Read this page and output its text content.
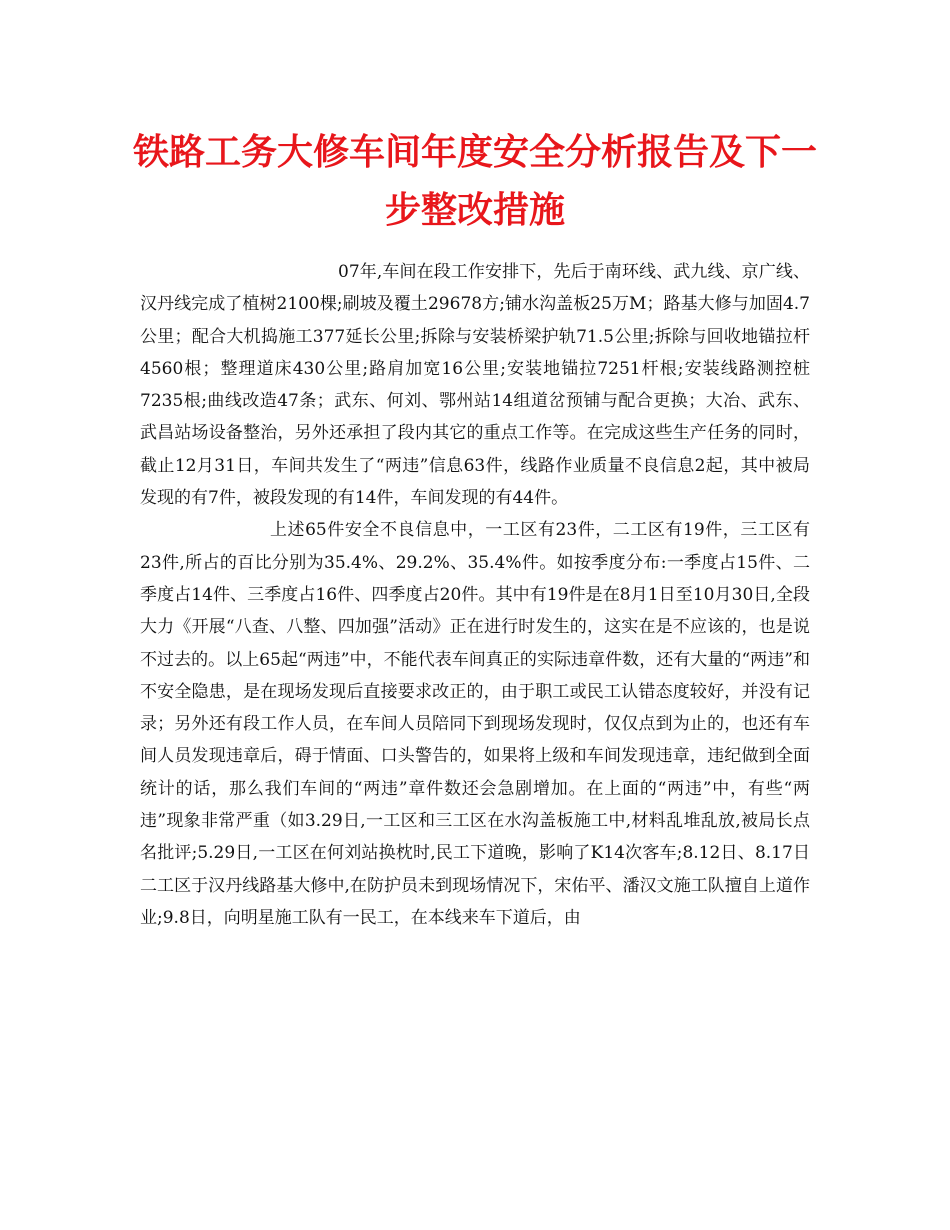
铁路工务大修车间年度安全分析报告及下一步整改措施

07年,车间在段工作安排下，先后于南环线、武九线、京广线、汉丹线完成了植树2100棵;刷坡及覆土29678方;铺水沟盖板25万M；路基大修与加固4.7公里；配合大机捣施工377延长公里;拆除与安装桥梁护轨71.5公里;拆除与回收地锚拉杆4560根；整理道床430公里;路肩加宽16公里;安装地锚拉7251杆根;安装线路测控桩7235根;曲线改造47条；武东、何刘、鄂州站14组道岔预铺与配合更换；大冶、武东、武昌站场设备整治，另外还承担了段内其它的重点工作等。在完成这些生产任务的同时，截止12月31日，车间共发生了“两违”信息63件，线路作业质量不良信息2起，其中被局发现的有7件，被段发现的有14件，车间发现的有44件。

上述65件安全不良信息中，一工区有23件，二工区有19件，三工区有23件,所占的百比分别为35.4%、29.2%、35.4%件。如按季度分布:一季度占15件、二季度占14件、三季度占16件、四季度占20件。其中有19件是在8月1日至10月30日,全段大力《开展“八查、八整、四加强”活动》正在进行时发生的，这实在是不应该的，也是说不过去的。以上65起“两违”中，不能代表车间真正的实际违章件数，还有大量的“两违”和不安全隐患，是在现场发现后直接要求改正的，由于职工或民工认错态度较好，并没有记录；另外还有段工作人员，在车间人员陪同下到现场发现时，仅仅点到为止的，也还有车间人员发现违章后，碍于情面、口头警告的，如果将上级和车间发现违章，违纪做到全面统计的话，那么我们车间的“两违”章件数还会急剧增加。在上面的“两违”中，有些“两违”现象非常严重（如3.29日,一工区和三工区在水沟盖板施工中,材料乱堆乱放,被局长点名批评;5.29日,一工区在何刘站换枕时,民工下道晚，影响了K14次客车;8.12日、8.17日二工区于汉丹线路基大修中,在防护员未到现场情况下，宋佑平、潘汉文施工队擅自上道作业;9.8日，向明星施工队有一民工，在本线来车下道后，由
